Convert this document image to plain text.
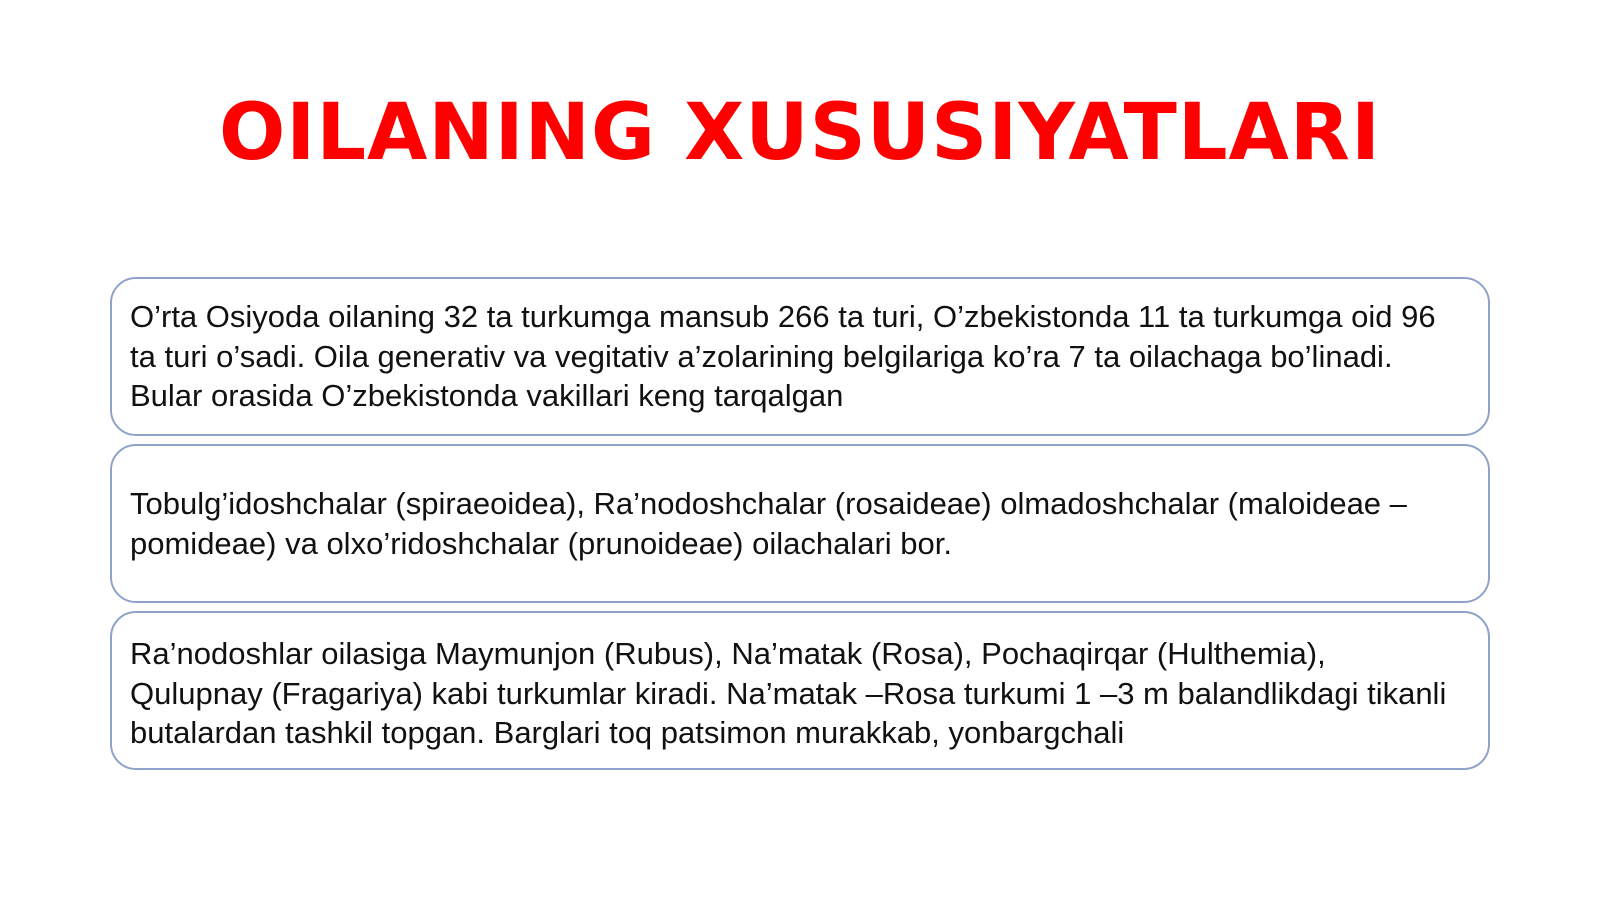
OILANING XUSUSIYATLARI

O’rta Osiyoda oilaning 32 ta turkumga mansub 266 ta turi, O’zbekistonda 11 ta turkumga oid 96 ta turi o’sadi. Oila generativ va vegitativ a’zolarining belgilariga ko’ra 7 ta oilachaga bo’linadi. Bular orasida O’zbekistonda vakillari keng tarqalgan

Tobulg’idoshchalar (spiraeoidea), Ra’nodoshchalar (rosaideae) olmadoshchalar (maloideae –pomideae) va olxo’ridoshchalar (prunoideae) oilachalari bor.

Ra’nodoshlar oilasiga Maymunjon (Rubus), Na’matak (Rosa), Pochaqirqar (Hulthemia), Qulupnay (Fragariya) kabi turkumlar kiradi. Na’matak –Rosa turkumi 1 –3 m balandlikdagi tikanli butalardan tashkil topgan. Barglari toq patsimon murakkab, yonbargchali
